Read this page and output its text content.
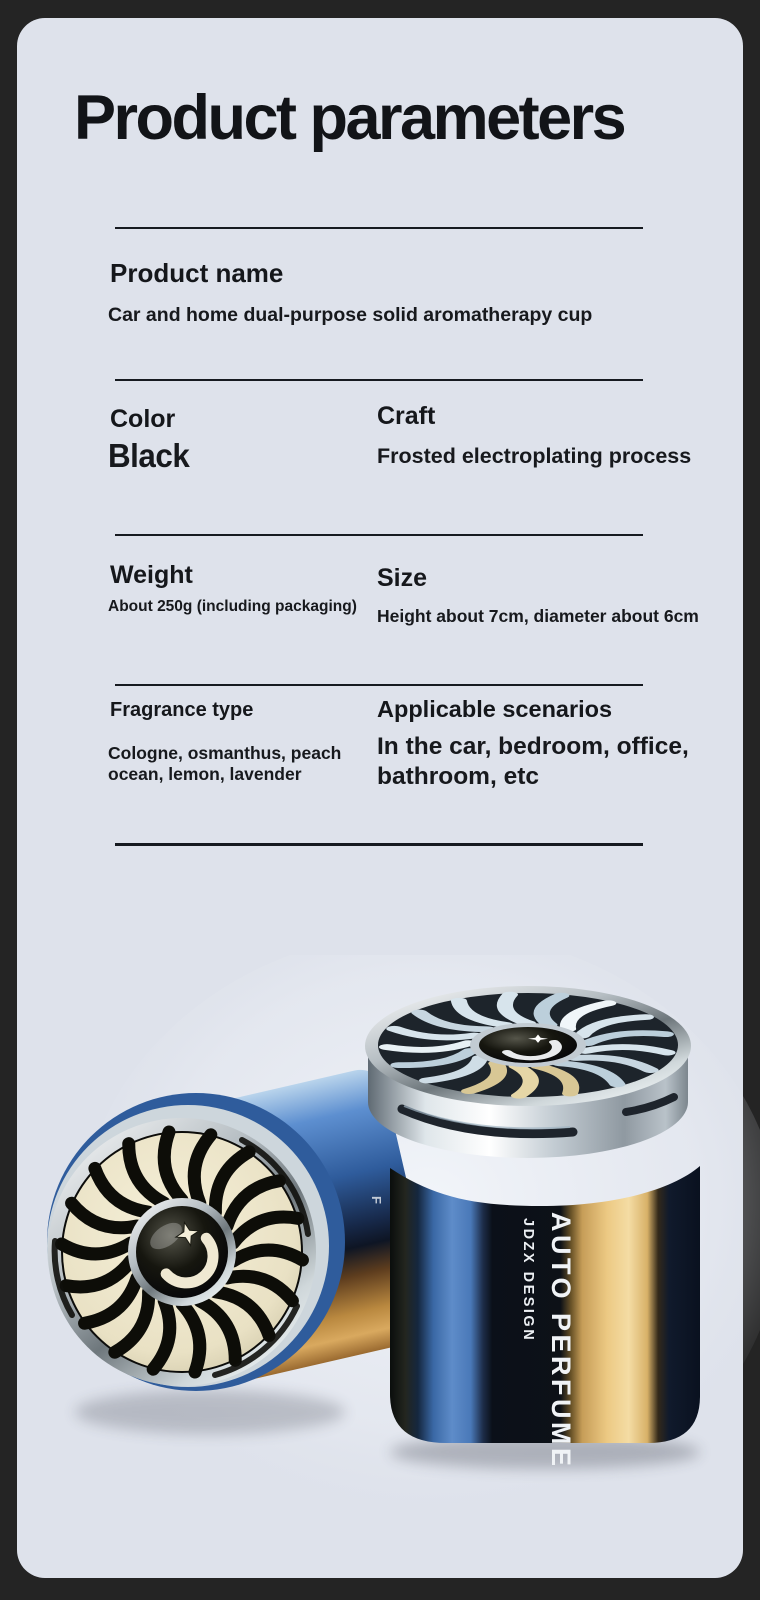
Product parameters
Product name
Car and home dual-purpose solid aromatherapy cup
Color
Black
Craft
Frosted electroplating process
Weight
About 250g (including packaging)
Size
Height about 7cm, diameter about 6cm
Fragrance type
Cologne, osmanthus, peach ocean, lemon, lavender
Applicable scenarios
In the car, bedroom, office, bathroom, etc
F
AUTO PERFUME
JDZX DESIGN
